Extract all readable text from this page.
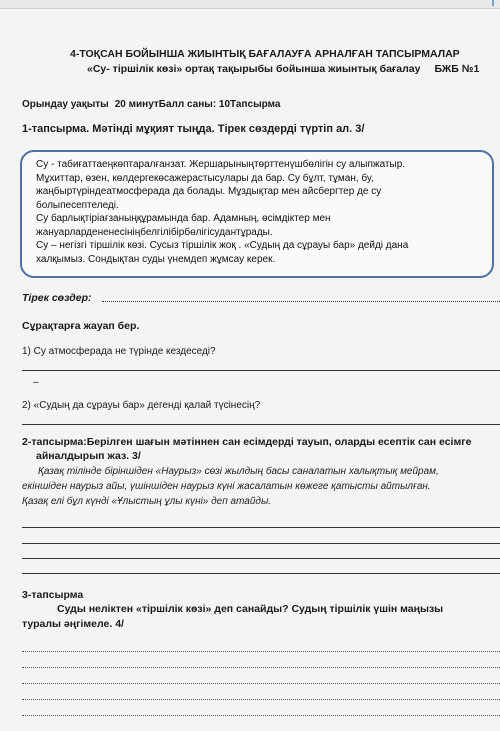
4-ТОҚСАН БОЙЫНША ЖИЫНТЫҚ БАҒАЛАУҒА АРНАЛҒАН ТАПСЫРМАЛАР
«Су- тіршілік көзі» ортақ тақырыбы бойынша жиынтық бағалау БЖБ №1
Орындау уақыты 20 минутБалл саны: 10Тапсырма
1-тапсырма. Мәтінді мұқият тыңда. Тірек сөздерді түртіп ал. 3/

Су - табиғаттаеңкөптаралғанзат. Жершарыныңтөрттенүшбөлігін су алыпжатыр.

Мұхиттар, өзен, көлдергекөсажерастысулары да бар. Су бұлт, тұман, бу,

жаңбыртүріндеатмосферада да болады. Мұздықтар мен айсбергтер де су

болыпесептеледі.

Су барлықтіріағзаныңқұрамында бар. Адамның, өсімдіктер мен

жануарлардененесініңбелгілібірбөлігісудантұрады.

Су – негізгі тіршілік көзі. Сусыз тіршілік жоқ . «Судың да сұрауы бар» дейді дана

халқымыз. Сондықтан суды үнемдеп жұмсау керек.

Тірек сөздер:
Сұрақтарға жауап бер.
1) Су атмосферада не түрінде кездеседі?
–
2) «Судың да сұрауы бар» дегенді қалай түсінесің?
2-тапсырма:Берілген шағын мәтіннен сан есімдерді тауып, оларды есептік сан есімге
айналдырып жаз. 3/
Қазақ тілінде біріншіден «Наурыз» сөзі жылдың басы саналатын халықтық мейрам,
екіншіден наурыз айы, үшіншіден наурыз күні жасалатын көжеге қатысты айтылған.
Қазақ елі бұл күнді «Ұлыстың ұлы күні» деп атайды.
3-тапсырма
Суды неліктен «тіршілік көзі» деп санайды? Судың тіршілік үшін маңызы
туралы әңгімеле. 4/
